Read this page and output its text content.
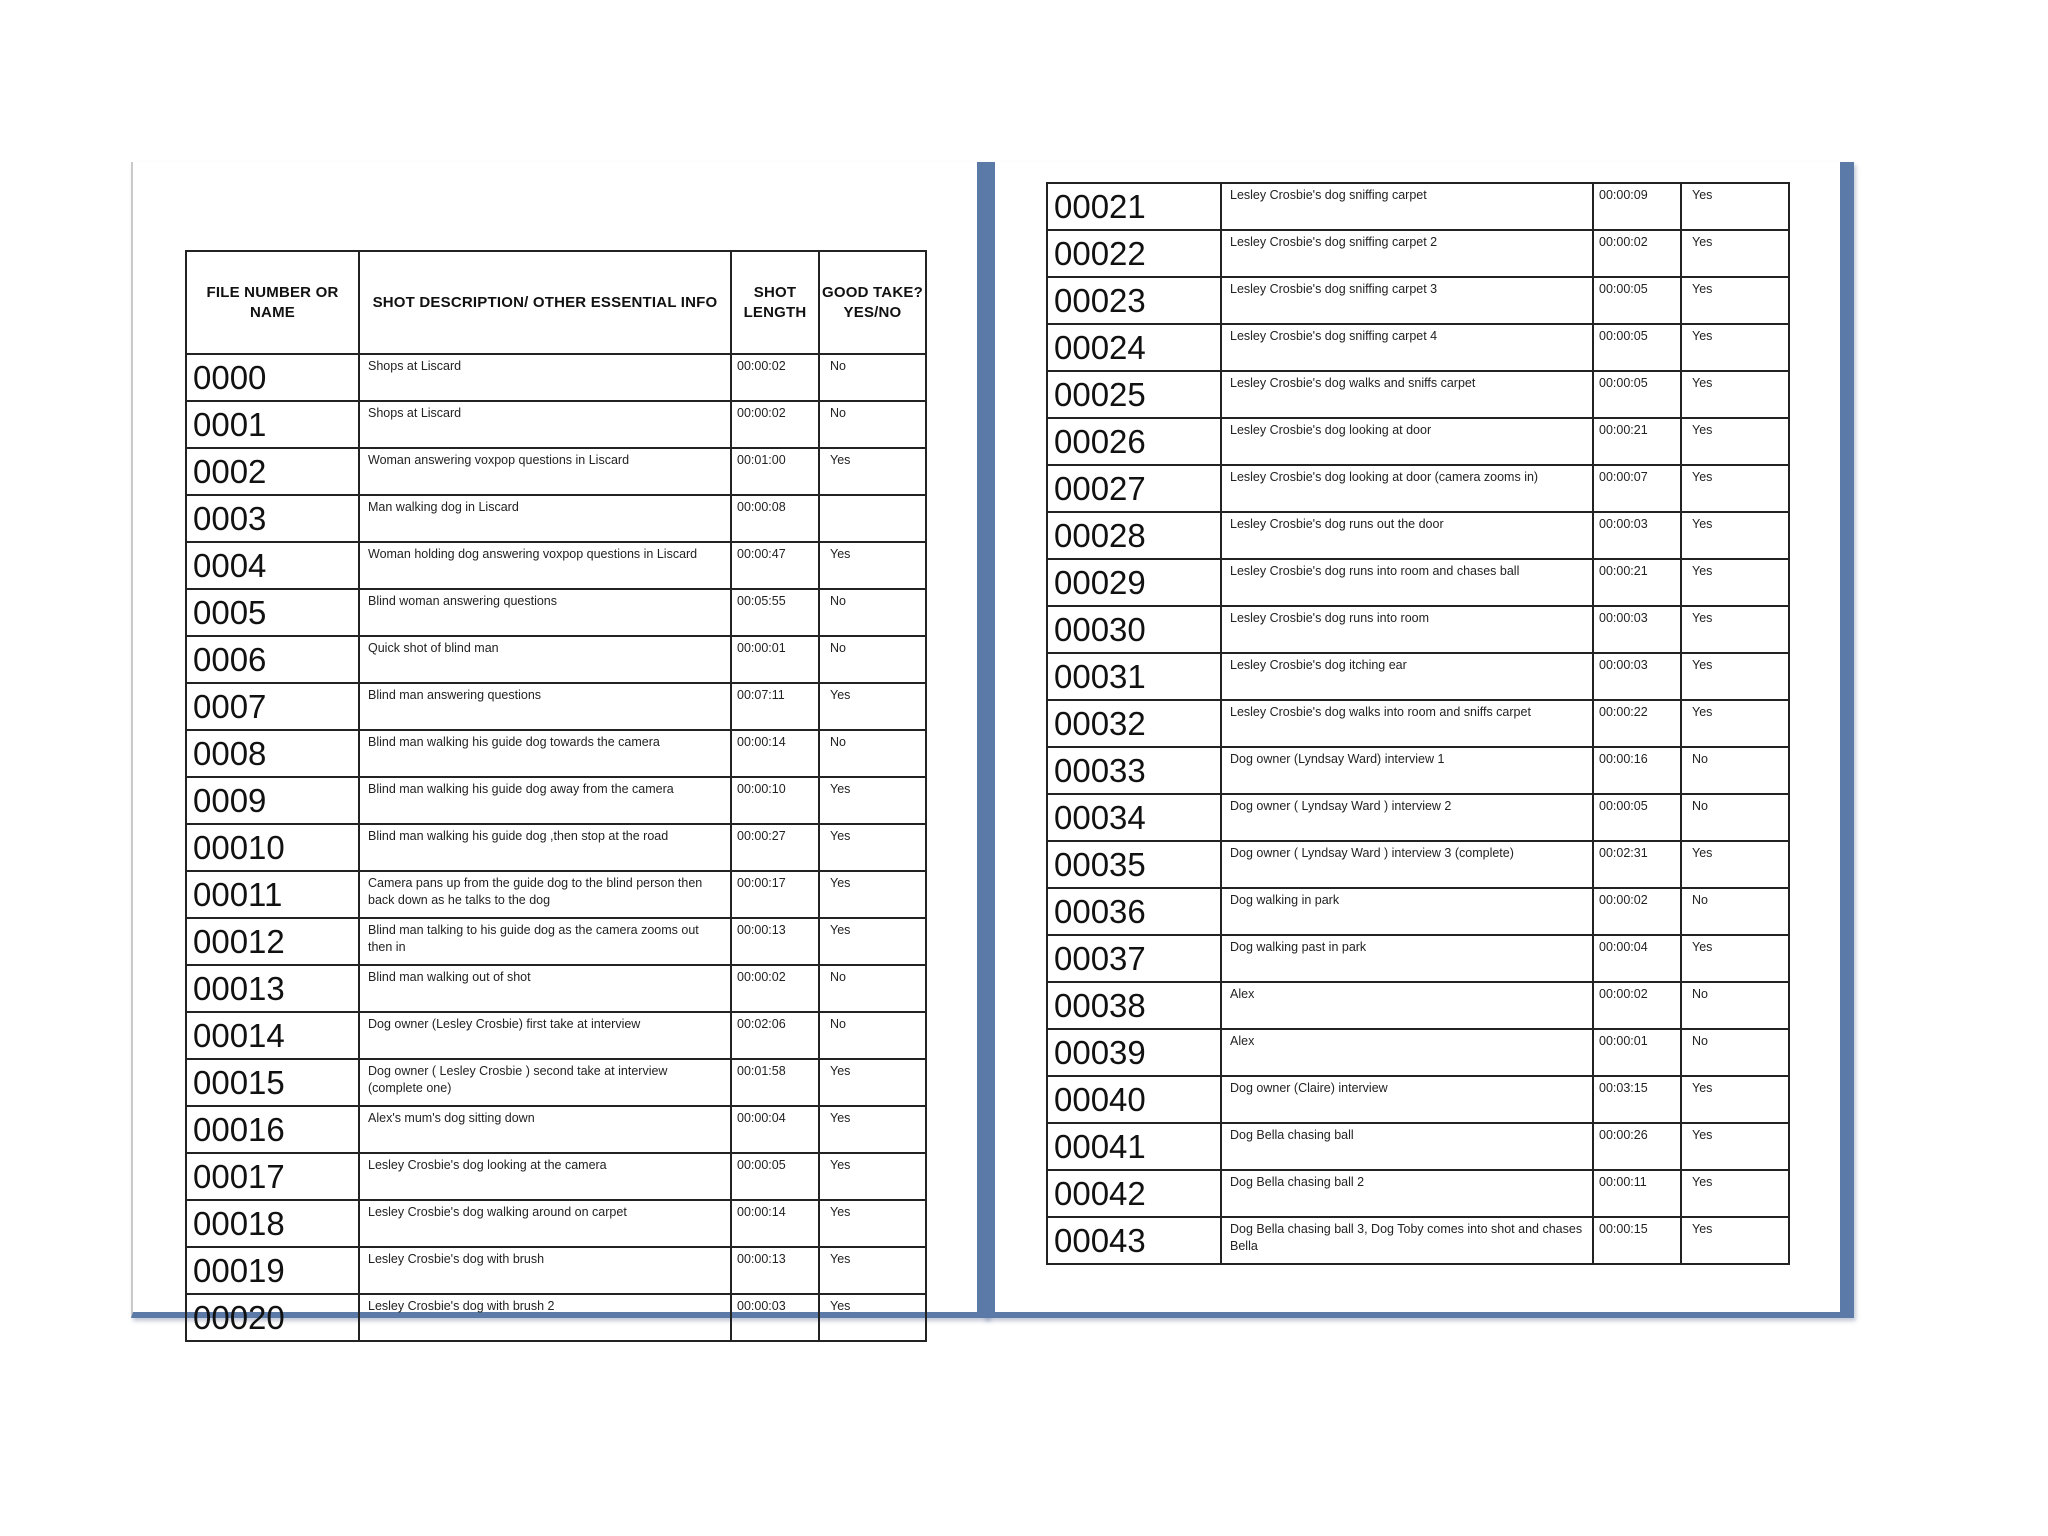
FILE NUMBER OR NAME	SHOT DESCRIPTION/ OTHER ESSENTIAL INFO	SHOT LENGTH	GOOD TAKE? YES/NO
0000	Shops at Liscard	00:00:02	No
0001	Shops at Liscard	00:00:02	No
0002	Woman answering voxpop questions in Liscard	00:01:00	Yes
0003	Man walking dog in Liscard	00:00:08	
0004	Woman holding dog answering voxpop questions in Liscard	00:00:47	Yes
0005	Blind woman answering questions	00:05:55	No
0006	Quick shot of blind man	00:00:01	No
0007	Blind man answering questions	00:07:11	Yes
0008	Blind man walking his guide dog towards the camera	00:00:14	No
0009	Blind man walking his guide dog away from the camera	00:00:10	Yes
00010	Blind man walking his guide dog ,then stop at the road	00:00:27	Yes
00011	Camera pans up from the guide dog to the blind person then back down as he talks to the dog	00:00:17	Yes
00012	Blind man talking to his guide dog as the camera zooms out then in	00:00:13	Yes
00013	Blind man walking out of shot	00:00:02	No
00014	Dog owner (Lesley Crosbie) first take at interview	00:02:06	No
00015	Dog owner ( Lesley Crosbie ) second take at interview (complete one)	00:01:58	Yes
00016	Alex's mum's dog sitting down	00:00:04	Yes
00017	Lesley Crosbie's dog looking at the camera	00:00:05	Yes
00018	Lesley Crosbie's dog walking around on carpet	00:00:14	Yes
00019	Lesley Crosbie's dog with brush	00:00:13	Yes
00020	Lesley Crosbie's dog with brush 2	00:00:03	Yes
00021	Lesley Crosbie's dog sniffing carpet	00:00:09	Yes
00022	Lesley Crosbie's dog sniffing carpet 2	00:00:02	Yes
00023	Lesley Crosbie's dog sniffing carpet 3	00:00:05	Yes
00024	Lesley Crosbie's dog sniffing carpet 4	00:00:05	Yes
00025	Lesley Crosbie's dog walks and sniffs carpet	00:00:05	Yes
00026	Lesley Crosbie's dog looking at door	00:00:21	Yes
00027	Lesley Crosbie's dog looking at door (camera zooms in)	00:00:07	Yes
00028	Lesley Crosbie's dog runs out the door	00:00:03	Yes
00029	Lesley Crosbie's dog runs into room and chases ball	00:00:21	Yes
00030	Lesley Crosbie's dog runs into room	00:00:03	Yes
00031	Lesley Crosbie's dog itching ear	00:00:03	Yes
00032	Lesley Crosbie's dog walks into room and sniffs carpet	00:00:22	Yes
00033	Dog owner (Lyndsay Ward) interview 1	00:00:16	No
00034	Dog owner ( Lyndsay Ward ) interview 2	00:00:05	No
00035	Dog owner ( Lyndsay Ward ) interview 3 (complete)	00:02:31	Yes
00036	Dog walking in park	00:00:02	No
00037	Dog walking past in park	00:00:04	Yes
00038	Alex	00:00:02	No
00039	Alex	00:00:01	No
00040	Dog owner (Claire) interview	00:03:15	Yes
00041	Dog Bella chasing ball	00:00:26	Yes
00042	Dog Bella chasing ball 2	00:00:11	Yes
00043	Dog Bella chasing ball 3, Dog Toby comes into shot and chases Bella	00:00:15	Yes
